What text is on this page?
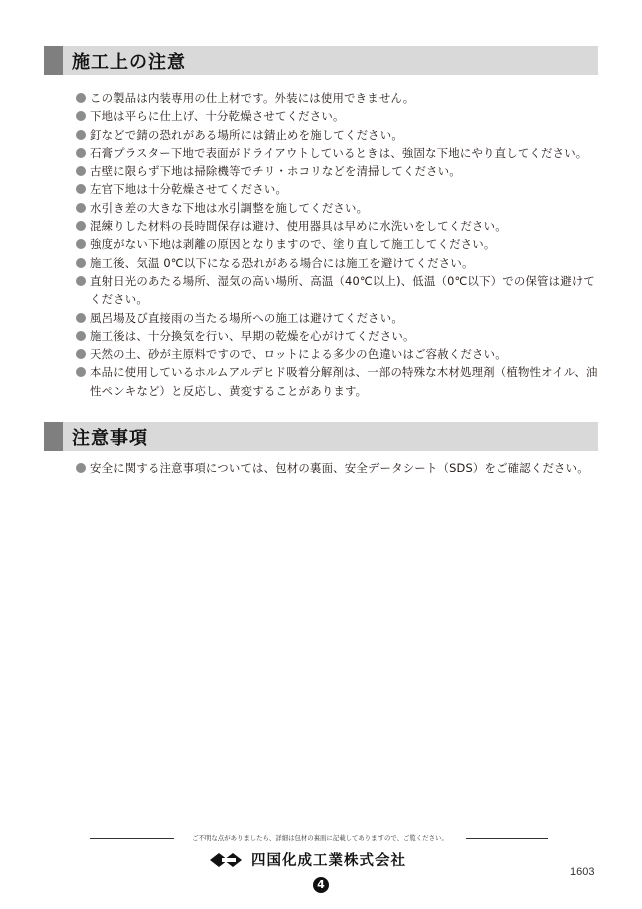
施工上の注意
この製品は内装専用の仕上材です。外装には使用できません。
下地は平らに仕上げ、十分乾燥させてください。
釘などで錆の恐れがある場所には錆止めを施してください。
石膏プラスター下地で表面がドライアウトしているときは、強固な下地にやり直してください。
古壁に限らず下地は掃除機等でチリ・ホコリなどを清掃してください。
左官下地は十分乾燥させてください。
水引き差の大きな下地は水引調整を施してください。
混練りした材料の長時間保存は避け、使用器具は早めに水洗いをしてください。
強度がない下地は剥離の原因となりますので、塗り直して施工してください。
施工後、気温 0℃以下になる恐れがある場合には施工を避けてください。
直射日光のあたる場所、湿気の高い場所、高温（40℃以上)、低温（0℃以下）での保管は避けてください。
風呂場及び直接雨の当たる場所への施工は避けてください。
施工後は、十分換気を行い、早期の乾燥を心がけてください。
天然の土、砂が主原料ですので、ロットによる多少の色違いはご容赦ください。
本品に使用しているホルムアルデヒド吸着分解剤は、一部の特殊な木材処理剤（植物性オイル、油性ペンキなど）と反応し、黄変することがあります。
注意事項
安全に関する注意事項については、包材の裏面、安全データシート（SDS）をご確認ください。
ご不明な点がありましたら、詳細は包材の裏面に記載してありますので、ご覧ください。
四国化成工業株式会社
4
1603
